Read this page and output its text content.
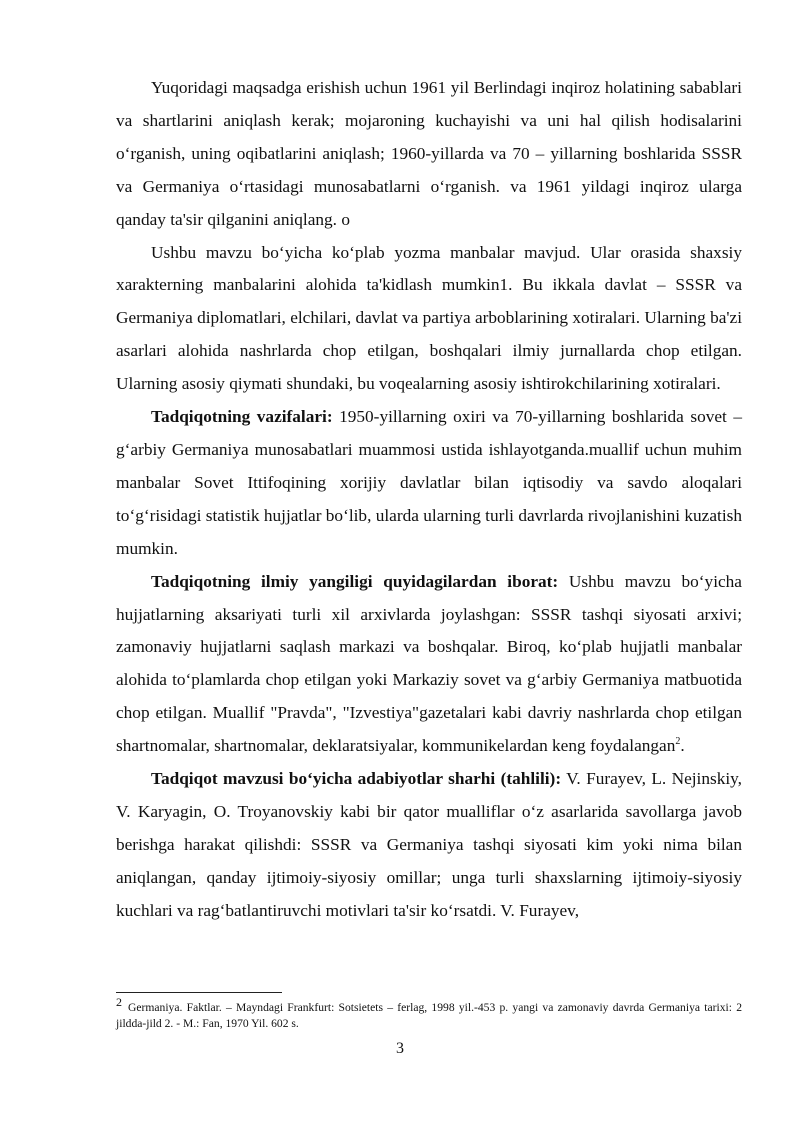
Yuqoridagi maqsadga erishish uchun 1961 yil Berlindagi inqiroz holatining sabablari va shartlarini aniqlash kerak; mojaroning kuchayishi va uni hal qilish hodisalarini o‘rganish, uning oqibatlarini aniqlash; 1960-yillarda va 70 – yillarning boshlarida SSSR va Germaniya o‘rtasidagi munosabatlarni o‘rganish. va 1961 yildagi inqiroz ularga qanday ta'sir qilganini aniqlang. o

Ushbu mavzu bo‘yicha ko‘plab yozma manbalar mavjud. Ular orasida shaxsiy xarakterning manbalarini alohida ta'kidlash mumkin1. Bu ikkala davlat – SSSR va Germaniya diplomatlari, elchilari, davlat va partiya arboblarining xotiralari. Ularning ba'zi asarlari alohida nashrlarda chop etilgan, boshqalari ilmiy jurnallarda chop etilgan. Ularning asosiy qiymati shundaki, bu voqealarning asosiy ishtirokchilarining xotiralari.

Tadqiqotning vazifalari: 1950-yillarning oxiri va 70-yillarning boshlarida sovet – g‘arbiy Germaniya munosabatlari muammosi ustida ishlayotganda.muallif uchun muhim manbalar Sovet Ittifoqining xorijiy davlatlar bilan iqtisodiy va savdo aloqalari to‘g‘risidagi statistik hujjatlar bo‘lib, ularda ularning turli davrlarda rivojlanishini kuzatish mumkin.

Tadqiqotning ilmiy yangiligi quyidagilardan iborat: Ushbu mavzu bo‘yicha hujjatlarning aksariyati turli xil arxivlarda joylashgan: SSSR tashqi siyosati arxivi; zamonaviy hujjatlarni saqlash markazi va boshqalar. Biroq, ko‘plab hujjatli manbalar alohida to‘plamlarda chop etilgan yoki Markaziy sovet va g‘arbiy Germaniya matbuotida chop etilgan. Muallif "Pravda", "Izvestiya"gazetalari kabi davriy nashrlarda chop etilgan shartnomalar, shartnomalar, deklaratsiyalar, kommunikelardan keng foydalangan$^2$.

Tadqiqot mavzusi bo‘yicha adabiyotlar sharhi (tahlili): V. Furayev, L. Nejinskiy, V. Karyagin, O. Troyanovskiy kabi bir qator mualliflar o‘z asarlarida savollarga javob berishga harakat qilishdi: SSSR va Germaniya tashqi siyosati kim yoki nima bilan aniqlangan, qanday ijtimoiy-siyosiy omillar; unga turli shaxslarning ijtimoiy-siyosiy kuchlari va rag‘batlantiruvchi motivlari ta'sir ko‘rsatdi. V. Furayev,

2 Germaniya. Faktlar. – Mayndagi Frankfurt: Sotsietets – ferlag, 1998 yil.-453 p. yangi va zamonaviy davrda Germaniya tarixi: 2 jildda-jild 2. - M.: Fan, 1970 Yil. 602 s.
3
